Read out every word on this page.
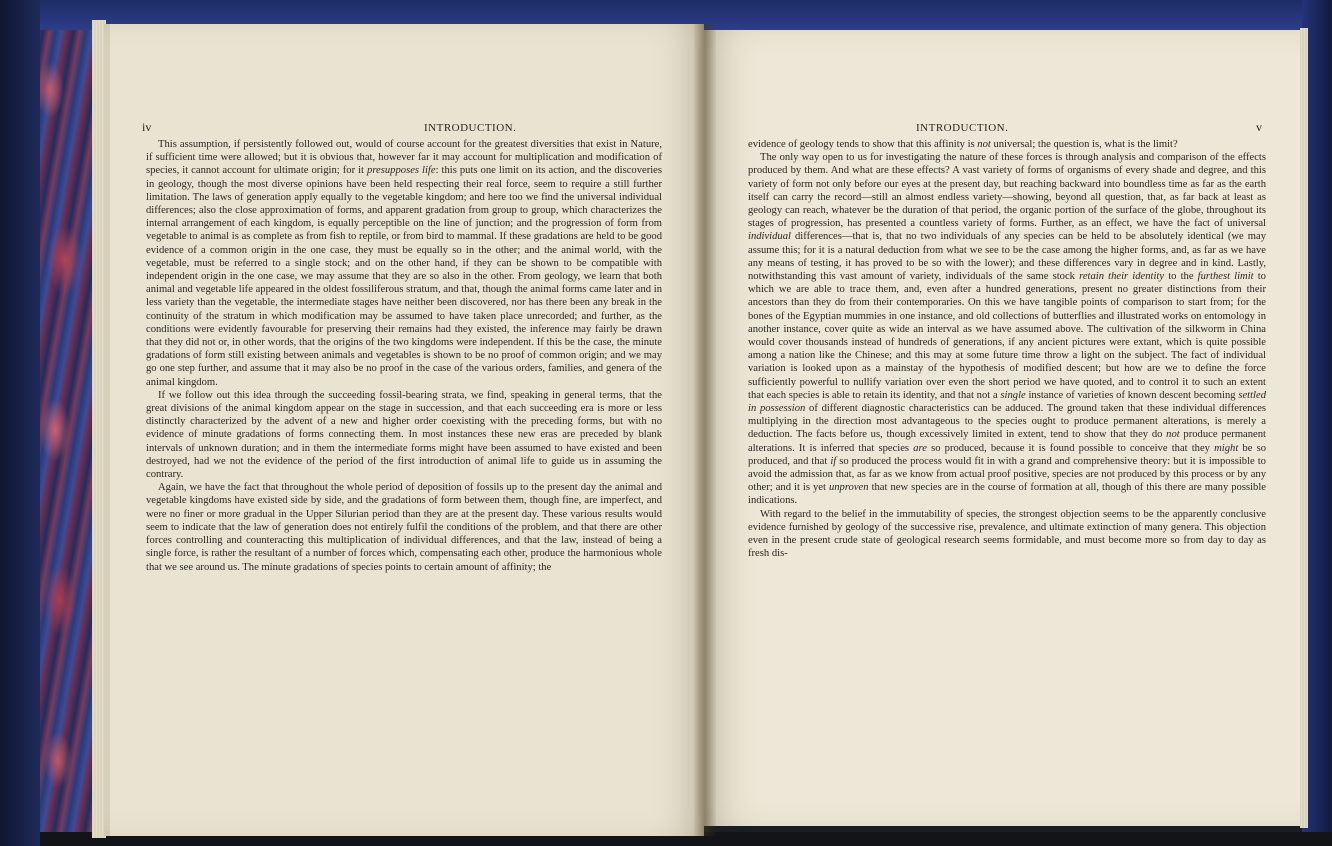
iv	INTRODUCTION.	INTRODUCTION.	v

This assumption, if persistently followed out, would of course account for the greatest diversities that exist in Nature, if sufficient time were allowed; but it is obvious that, however far it may account for multiplication and modification of species, it cannot account for ultimate origin; for it presupposes life: this puts one limit on its action, and the discoveries in geology, though the most diverse opinions have been held respecting their real force, seem to require a still further limitation. The laws of generation apply equally to the vegetable kingdom; and here too we find the universal individual differences; also the close approximation of forms, and apparent gradation from group to group, which characterizes the internal arrangement of each kingdom, is equally perceptible on the line of junction; and the progression of form from vegetable to animal is as complete as from fish to reptile, or from bird to mammal. If these gradations are held to be good evidence of a common origin in the one case, they must be equally so in the other; and the animal world, with the vegetable, must be referred to a single stock; and on the other hand, if they can be shown to be compatible with independent origin in the one case, we may assume that they are so also in the other. From geology, we learn that both animal and vegetable life appeared in the oldest fossiliferous stratum, and that, though the animal forms came later and in less variety than the vegetable, the intermediate stages have neither been discovered, nor has there been any break in the continuity of the stratum in which modification may be assumed to have taken place unrecorded; and further, as the conditions were evidently favourable for preserving their remains had they existed, the inference may fairly be drawn that they did not or, in other words, that the origins of the two kingdoms were independent. If this be the case, the minute gradations of form still existing between animals and vegetables is shown to be no proof of common origin; and we may go one step further, and assume that it may also be no proof in the case of the various orders, families, and genera of the animal kingdom.

If we follow out this idea through the succeeding fossil-bearing strata, we find, speaking in general terms, that the great divisions of the animal kingdom appear on the stage in succession, and that each succeeding era is more or less distinctly characterized by the advent of a new and higher order coexisting with the preceding forms, but with no evidence of minute gradations of forms connecting them. In most instances these new eras are preceded by blank intervals of unknown duration; and in them the intermediate forms might have been assumed to have existed and been destroyed, had we not the evidence of the period of the first introduction of animal life to guide us in assuming the contrary.

Again, we have the fact that throughout the whole period of deposition of fossils up to the present day the animal and vegetable kingdoms have existed side by side, and the gradations of form between them, though fine, are imperfect, and were no finer or more gradual in the Upper Silurian period than they are at the present day. These various results would seem to indicate that the law of generation does not entirely fulfil the conditions of the problem, and that there are other forces controlling and counteracting this multiplication of individual differences, and that the law, instead of being a single force, is rather the resultant of a number of forces which, compensating each other, produce the harmonious whole that we see around us. The minute gradations of species points to certain amount of affinity; the

evidence of geology tends to show that this affinity is not universal; the question is, what is the limit?

The only way open to us for investigating the nature of these forces is through analysis and comparison of the effects produced by them. And what are these effects? A vast variety of forms of organisms of every shade and degree, and this variety of form not only before our eyes at the present day, but reaching backward into boundless time as far as the earth itself can carry the record—still an almost endless variety—showing, beyond all question, that, as far back at least as geology can reach, whatever be the duration of that period, the organic portion of the surface of the globe, throughout its stages of progression, has presented a countless variety of forms. Further, as an effect, we have the fact of universal individual differences—that is, that no two individuals of any species can be held to be absolutely identical (we may assume this; for it is a natural deduction from what we see to be the case among the higher forms, and, as far as we have any means of testing, it has proved to be so with the lower); and these differences vary in degree and in kind. Lastly, notwithstanding this vast amount of variety, individuals of the same stock retain their identity to the furthest limit to which we are able to trace them, and, even after a hundred generations, present no greater distinctions from their ancestors than they do from their contemporaries. On this we have tangible points of comparison to start from; for the bones of the Egyptian mummies in one instance, and old collections of butterflies and illustrated works on entomology in another instance, cover quite as wide an interval as we have assumed above. The cultivation of the silkworm in China would cover thousands instead of hundreds of generations, if any ancient pictures were extant, which is quite possible among a nation like the Chinese; and this may at some future time throw a light on the subject. The fact of individual variation is looked upon as a mainstay of the hypothesis of modified descent; but how are we to define the force sufficiently powerful to nullify variation over even the short period we have quoted, and to control it to such an extent that each species is able to retain its identity, and that not a single instance of varieties of known descent becoming settled in possession of different diagnostic characteristics can be adduced. The ground taken that these individual differences multiplying in the direction most advantageous to the species ought to produce permanent alterations, is merely a deduction. The facts before us, though excessively limited in extent, tend to show that they do not produce permanent alterations. It is inferred that species are so produced, because it is found possible to conceive that they might be so produced, and that if so produced the process would fit in with a grand and comprehensive theory: but it is impossible to avoid the admission that, as far as we know from actual proof positive, species are not produced by this process or by any other; and it is yet unproven that new species are in the course of formation at all, though of this there are many possible indications.

With regard to the belief in the immutability of species, the strongest objection seems to be the apparently conclusive evidence furnished by geology of the successive rise, prevalence, and ultimate extinction of many genera. This objection even in the present crude state of geological research seems formidable, and must become more so from day to day as fresh dis-
